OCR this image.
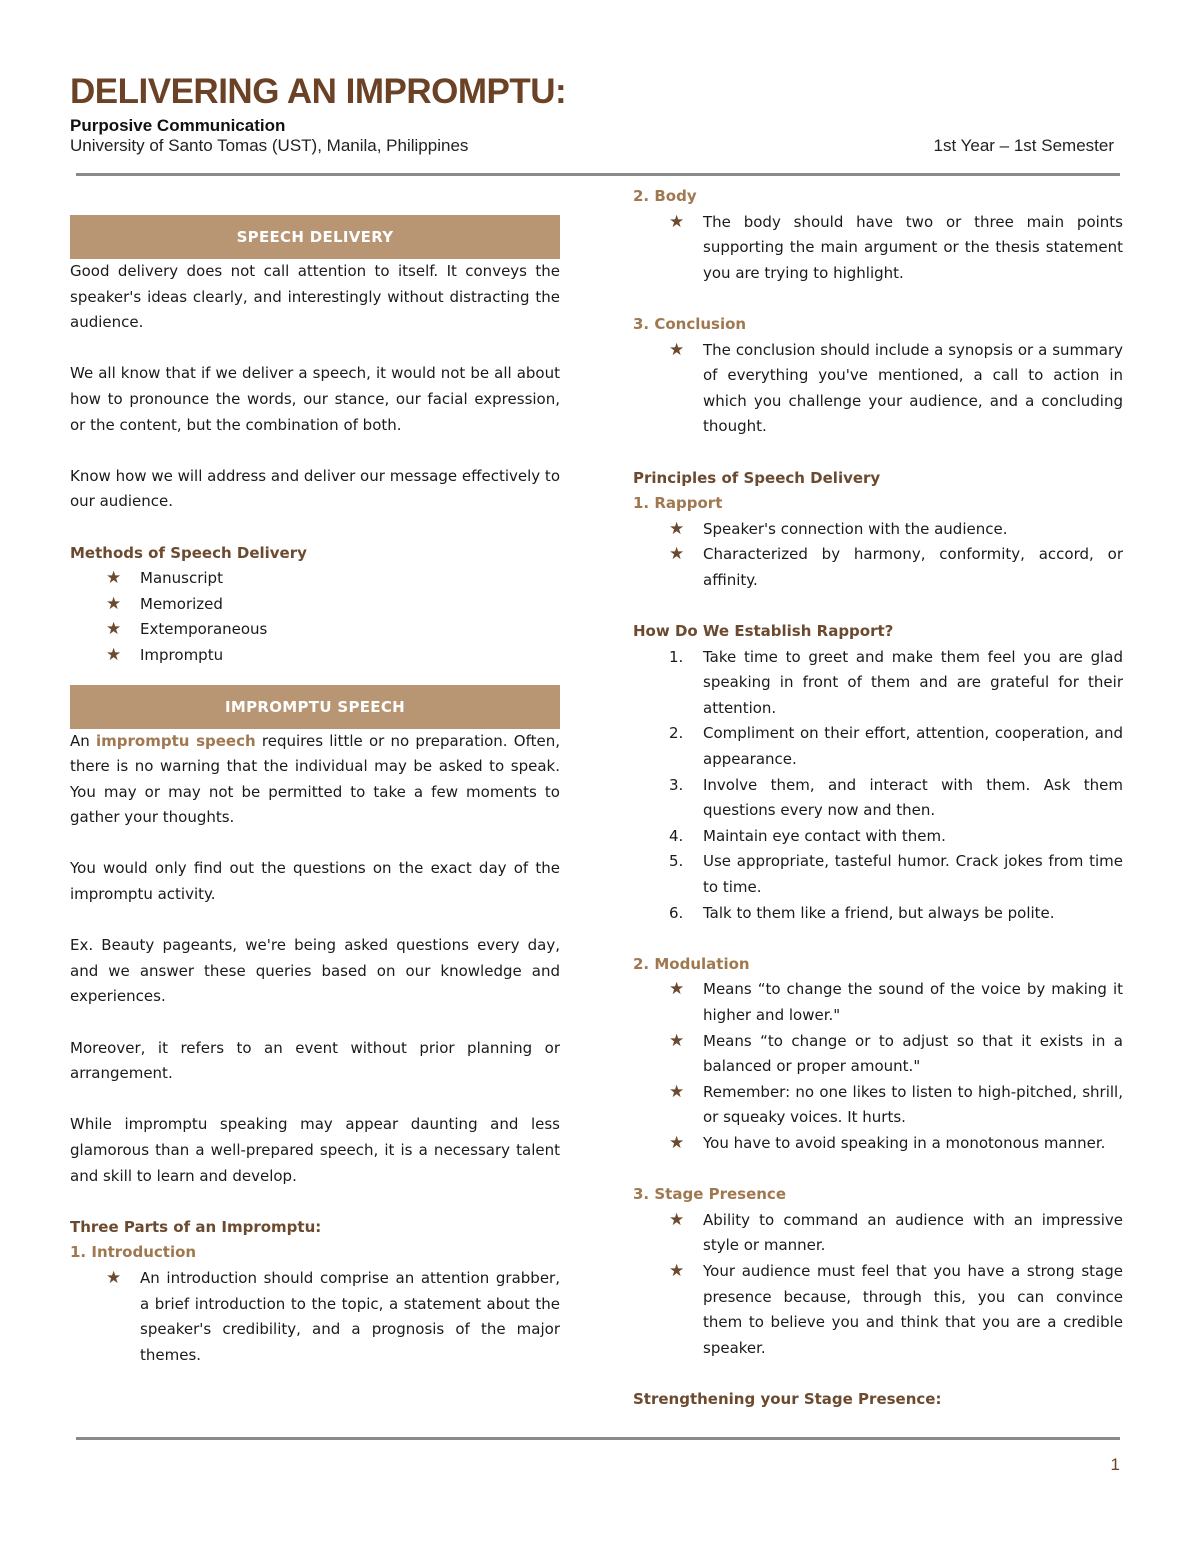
DELIVERING AN IMPROMPTU:
Purposive Communication
University of Santo Tomas (UST), Manila, Philippines	1st Year – 1st Semester
SPEECH DELIVERY

Good delivery does not call attention to itself. It conveys the speaker's ideas clearly, and interestingly without distracting the audience.

We all know that if we deliver a speech, it would not be all about how to pronounce the words, our stance, our facial expression, or the content, but the combination of both.

Know how we will address and deliver our message effectively to our audience.

Methods of Speech Delivery
★ Manuscript
★ Memorized
★ Extemporaneous
★ Impromptu
IMPROMPTU SPEECH

An impromptu speech requires little or no preparation. Often, there is no warning that the individual may be asked to speak. You may or may not be permitted to take a few moments to gather your thoughts.

You would only find out the questions on the exact day of the impromptu activity.

Ex. Beauty pageants, we're being asked questions every day, and we answer these queries based on our knowledge and experiences.

Moreover, it refers to an event without prior planning or arrangement.

While impromptu speaking may appear daunting and less glamorous than a well-prepared speech, it is a necessary talent and skill to learn and develop.

Three Parts of an Impromptu:
1. Introduction
★ An introduction should comprise an attention grabber, a brief introduction to the topic, a statement about the speaker's credibility, and a prognosis of the major themes.
2. Body
★ The body should have two or three main points supporting the main argument or the thesis statement you are trying to highlight.
3. Conclusion
★ The conclusion should include a synopsis or a summary of everything you've mentioned, a call to action in which you challenge your audience, and a concluding thought.
Principles of Speech Delivery
1. Rapport
★ Speaker's connection with the audience.
★ Characterized by harmony, conformity, accord, or affinity.
How Do We Establish Rapport?
1. Take time to greet and make them feel you are glad speaking in front of them and are grateful for their attention.
2. Compliment on their effort, attention, cooperation, and appearance.
3. Involve them, and interact with them. Ask them questions every now and then.
4. Maintain eye contact with them.
5. Use appropriate, tasteful humor. Crack jokes from time to time.
6. Talk to them like a friend, but always be polite.
2. Modulation
★ Means “to change the sound of the voice by making it higher and lower."
★ Means “to change or to adjust so that it exists in a balanced or proper amount."
★ Remember: no one likes to listen to high-pitched, shrill, or squeaky voices. It hurts.
★ You have to avoid speaking in a monotonous manner.
3. Stage Presence
★ Ability to command an audience with an impressive style or manner.
★ Your audience must feel that you have a strong stage presence because, through this, you can convince them to believe you and think that you are a credible speaker.
Strengthening your Stage Presence:
1
